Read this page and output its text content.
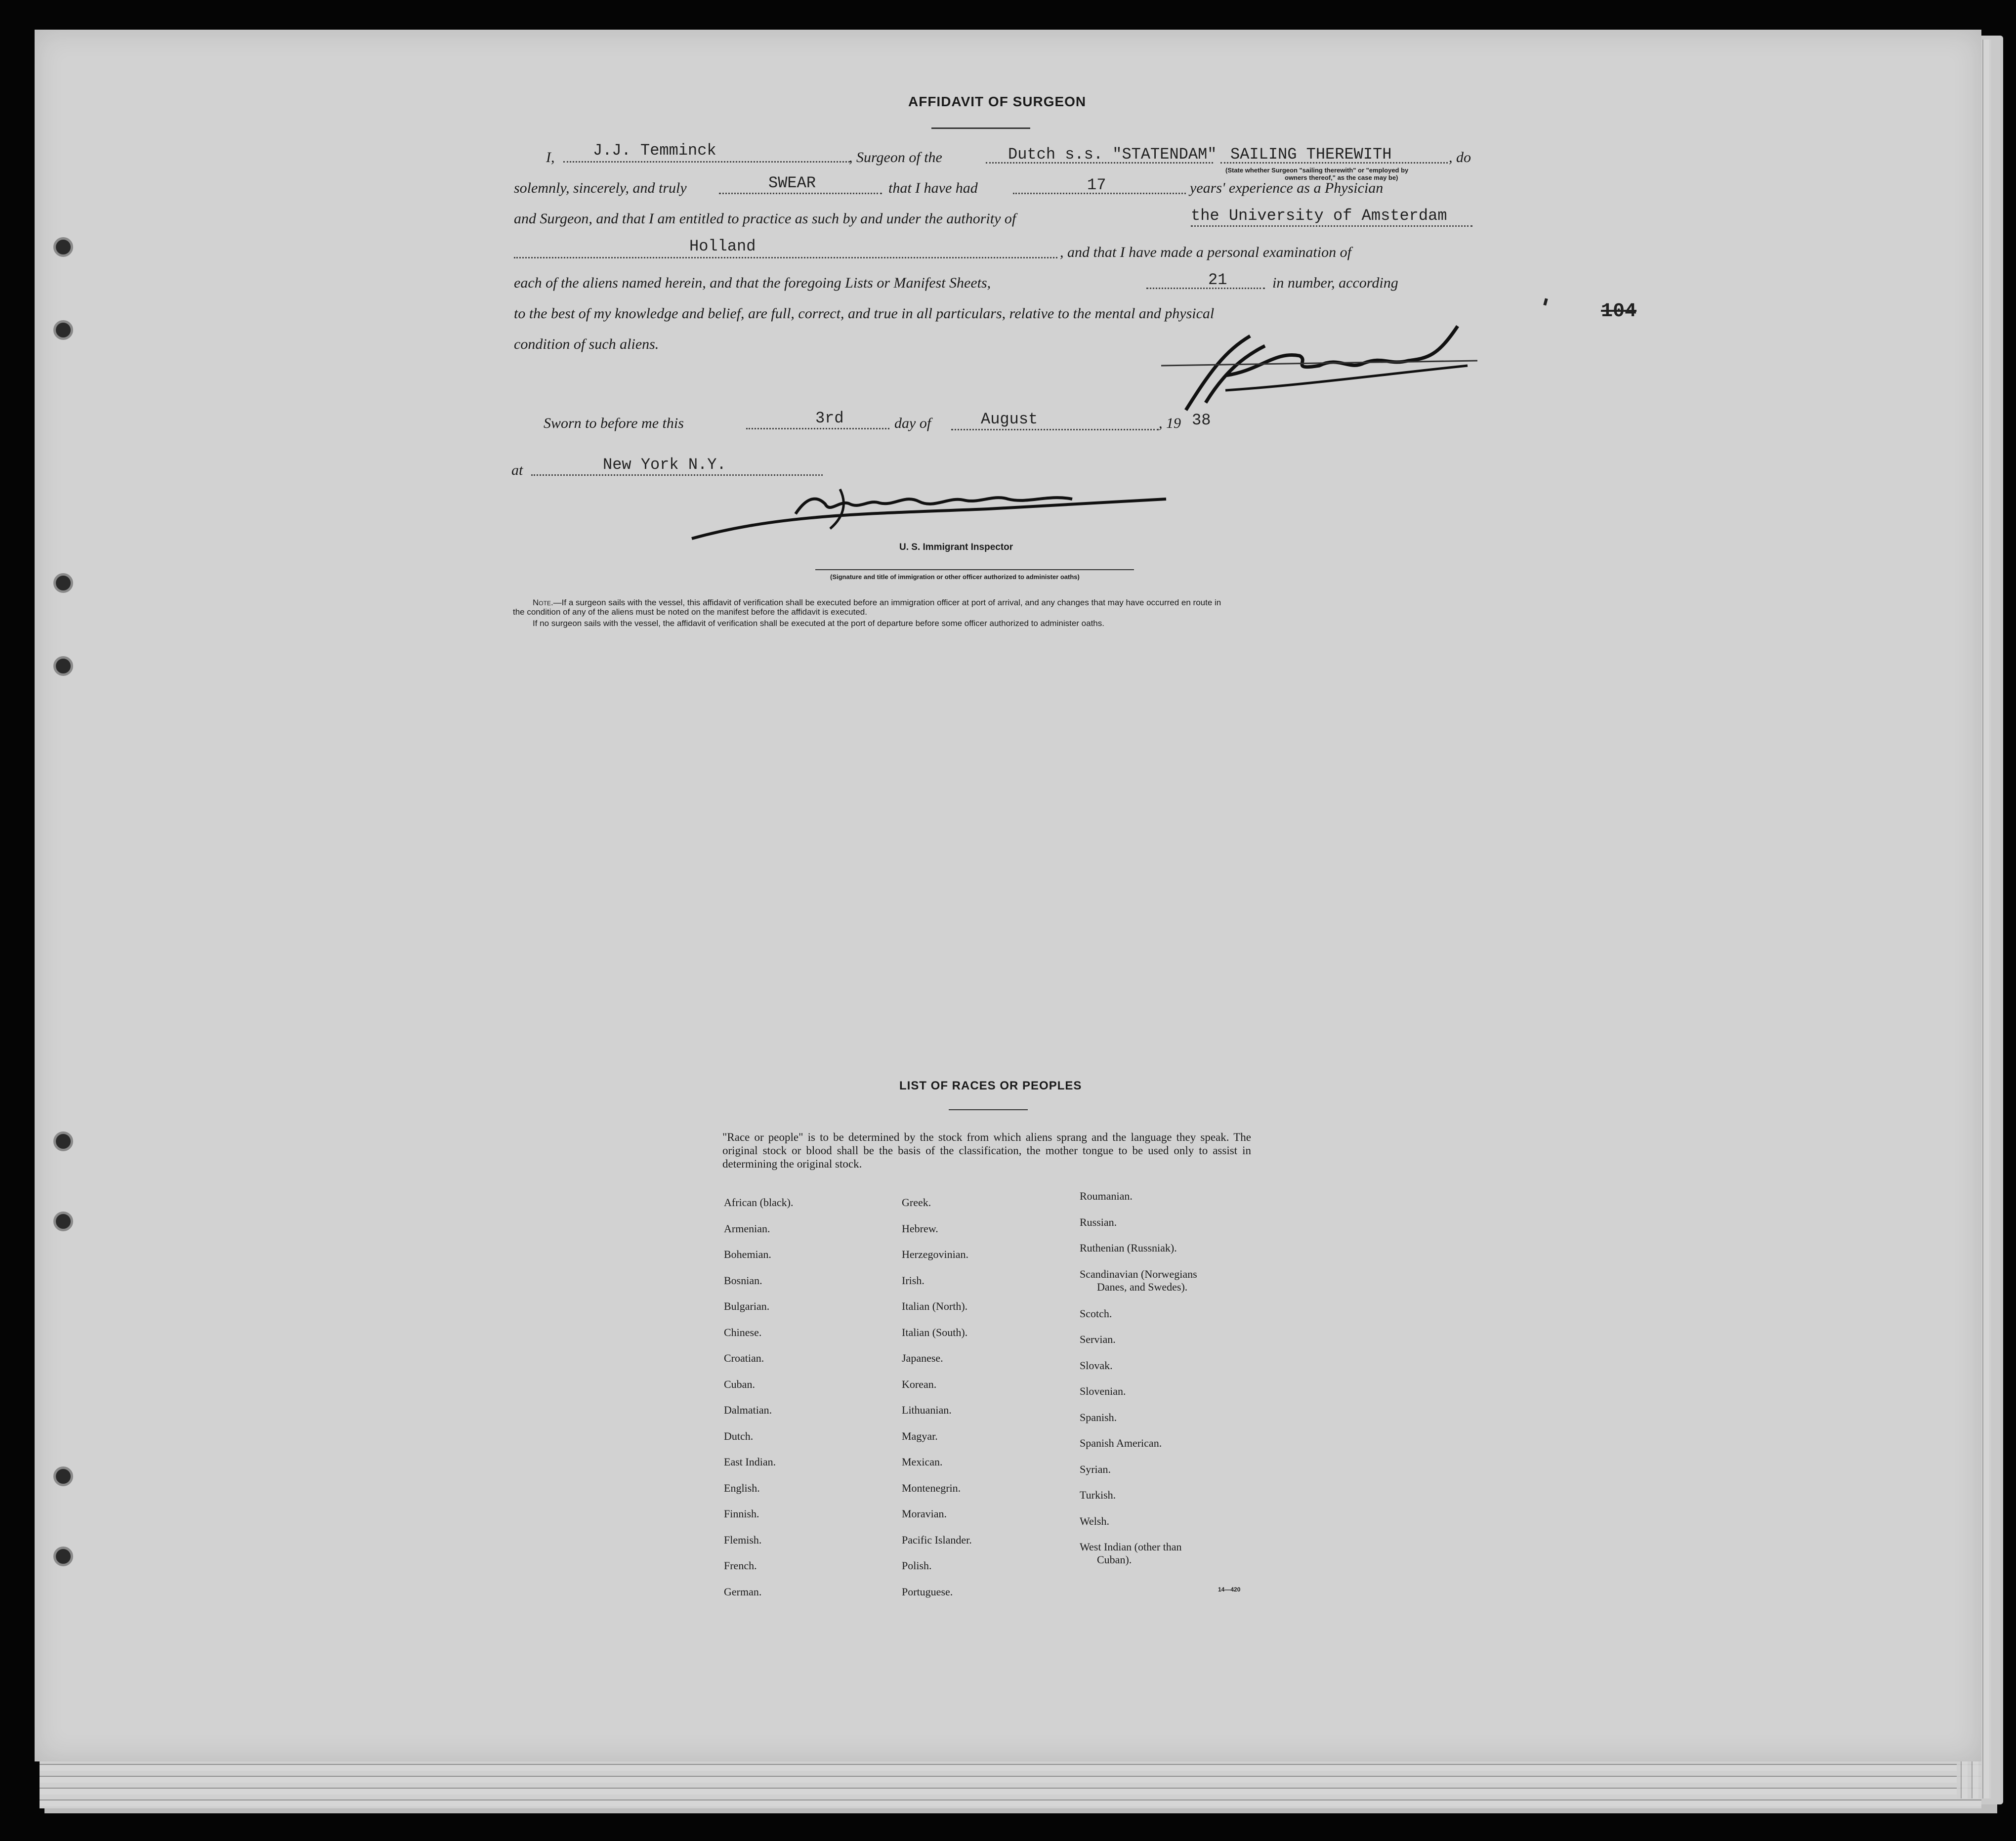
AFFIDAVIT OF SURGEON
I, J.J. Temminck	, Surgeon of the	Dutch s.s. "STATENDAM" SAILING THEREWITH	, do
(State whether Surgeon "sailing therewith" or "employed by
owners thereof," as the case may be)
solemnly, sincerely, and truly	SWEAR	that I have had	17	years' experience as a Physician
and Surgeon, and that I am entitled to practice as such by and under the authority of	the University of Amsterdam
Holland	, and that I have made a personal examination of
each of the aliens named herein, and that the foregoing Lists or Manifest Sheets,	21	in number, according
to the best of my knowledge and belief, are full, correct, and true in all particulars, relative to the mental and physical
condition of such aliens.
Sworn to before me this	3rd	day of	August	, 19 38
at	New York N.Y.
U. S. Immigrant Inspector
(Signature and title of immigration or other officer authorized to administer oaths)
Note.—If a surgeon sails with the vessel, this affidavit of verification shall be executed before an immigration officer at port of arrival, and any changes that may have occurred en route in
the condition of any of the aliens must be noted on the manifest before the affidavit is executed.
If no surgeon sails with the vessel, the affidavit of verification shall be executed at the port of departure before some officer authorized to administer oaths.
104
LIST OF RACES OR PEOPLES
"Race or people" is to be determined by the stock from which aliens sprang and the language they speak. The original stock or blood shall be the basis of the classification, the mother tongue to be used only to assist in determining the original stock.
African (black).
Armenian.
Bohemian.
Bosnian.
Bulgarian.
Chinese.
Croatian.
Cuban.
Dalmatian.
Dutch.
East Indian.
English.
Finnish.
Flemish.
French.
German.
Greek.
Hebrew.
Herzegovinian.
Irish.
Italian (North).
Italian (South).
Japanese.
Korean.
Lithuanian.
Magyar.
Mexican.
Montenegrin.
Moravian.
Pacific Islander.
Polish.
Portuguese.
Roumanian.
Russian.
Ruthenian (Russniak).
Scandinavian (Norwegians
Danes, and Swedes).
Scotch.
Servian.
Slovak.
Slovenian.
Spanish.
Spanish American.
Syrian.
Turkish.
Welsh.
West Indian (other than
Cuban).
14—420
